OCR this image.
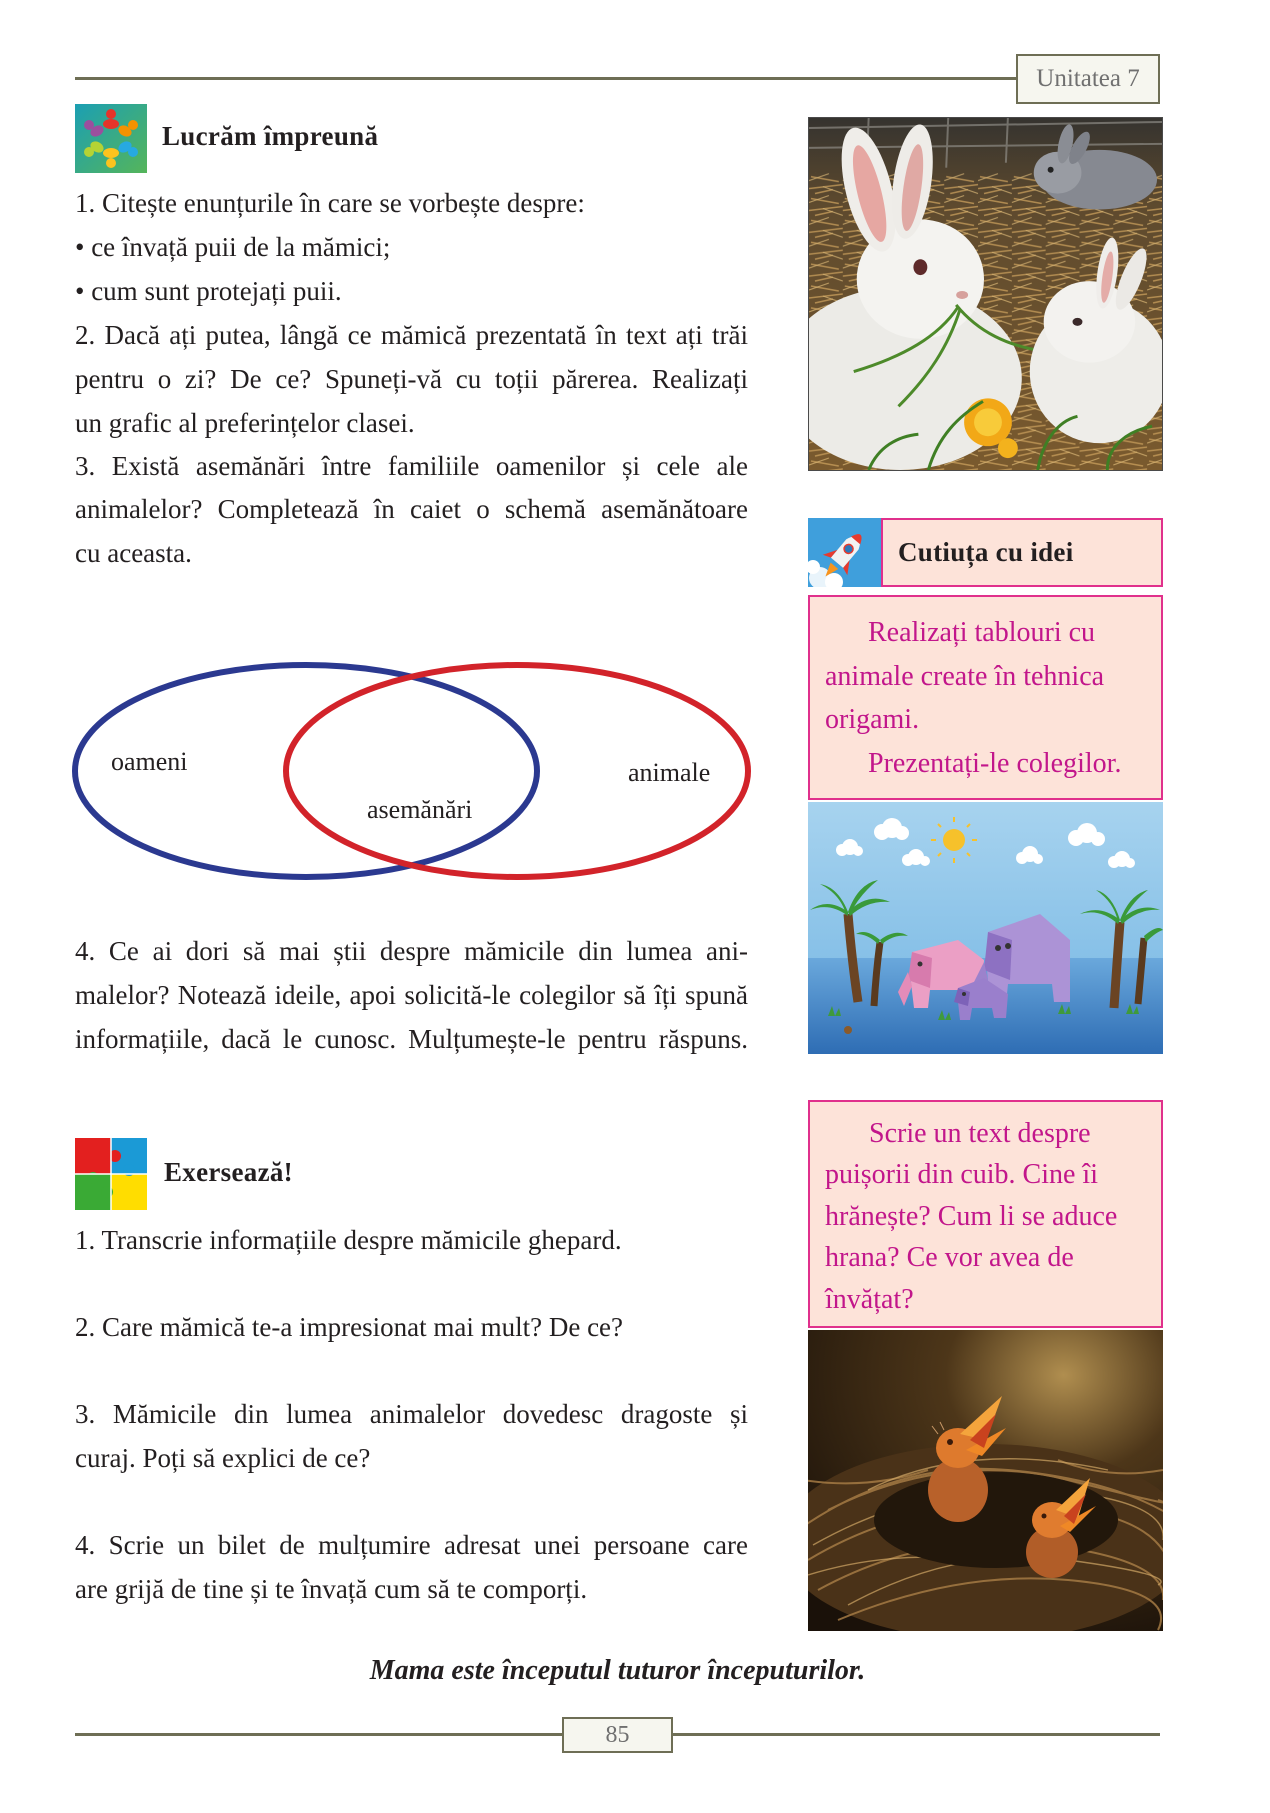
Unitatea 7
Lucrăm împreună
1. Citește enunțurile în care se vorbește despre:
• ce învață puii de la mămici;
• cum sunt protejați puii.
2. Dacă ați putea, lângă ce mămică prezentată în text ați trăi
pentru o zi? De ce? Spuneți-vă cu toții părerea. Realizați
un grafic al preferințelor clasei.
3. Există asemănări între familiile oamenilor și cele ale
animalelor? Completează în caiet o schemă asemănătoare
cu aceasta.
oameni
asemănări
animale
4. Ce ai dori să mai știi despre mămicile din lumea ani-
malelor? Notează ideile, apoi solicită-le colegilor să îți spună
informațiile, dacă le cunosc. Mulțumește-le pentru răspuns.
Exersează!
1. Transcrie informațiile despre mămicile ghepard.
2. Care mămică te-a impresionat mai mult? De ce?
3. Mămicile din lumea animalelor dovedesc dragoste și
curaj. Poți să explici de ce?
4. Scrie un bilet de mulțumire adresat unei persoane care
are grijă de tine și te învață cum să te comporți.
Cutiuța cu idei
Realizați tablouri cu
animale create în tehnica
origami.
Prezentați-le colegilor.
Scrie un text despre
puișorii din cuib. Cine îi
hrănește? Cum li se aduce
hrana? Ce vor avea de
învățat?
Mama este începutul tuturor începuturilor.
85
